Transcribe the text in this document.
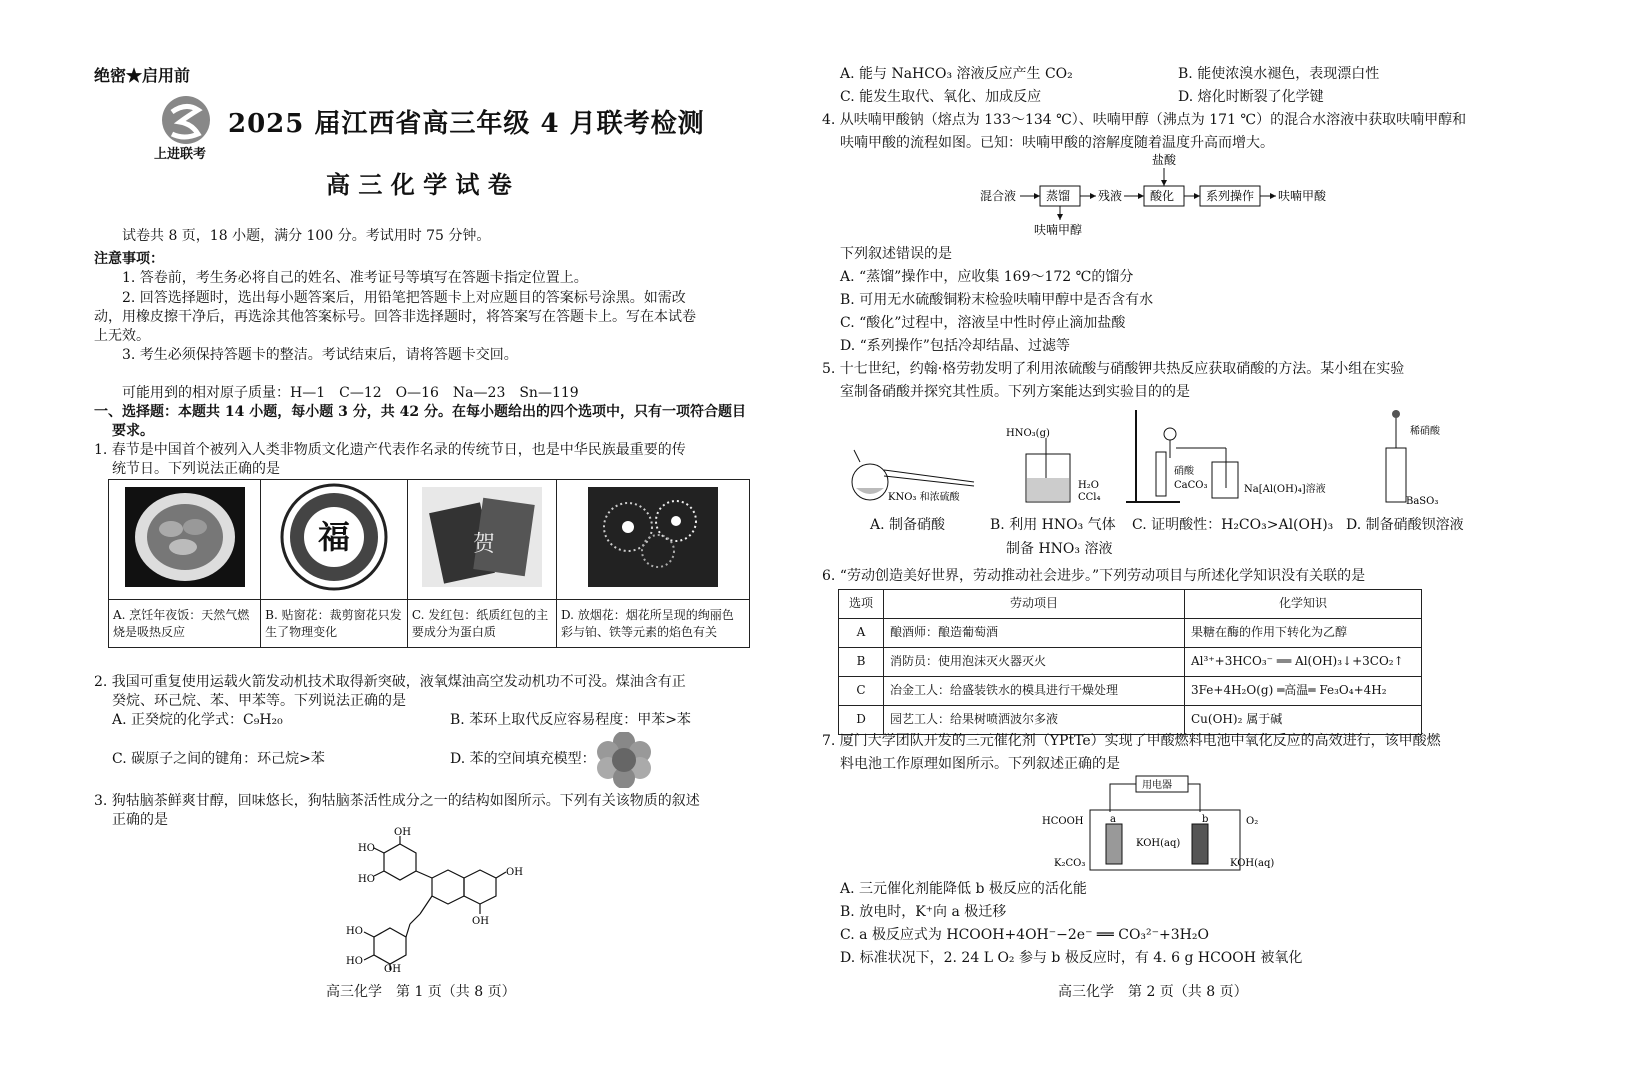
绝密★启用前
上进联考
2025 届江西省高三年级 4 月联考检测
高 三 化 学 试 卷
试卷共 8 页，18 小题，满分 100 分。考试用时 75 分钟。
注意事项：
1. 答卷前，考生务必将自己的姓名、准考证号等填写在答题卡指定位置上。
2. 回答选择题时，选出每小题答案后，用铅笔把答题卡上对应题目的答案标号涂黑。如需改
动，用橡皮擦干净后，再选涂其他答案标号。回答非选择题时，将答案写在答题卡上。写在本试卷
上无效。
3. 考生必须保持答题卡的整洁。考试结束后，请将答题卡交回。
可能用到的相对原子质量：H—1　C—12　O—16　Na—23　Sn—119
一、选择题：本题共 14 小题，每小题 3 分，共 42 分。在每小题给出的四个选项中，只有一项符合题目
要求。
1. 春节是中国首个被列入人类非物质文化遗产代表作名录的传统节日，也是中华民族最重要的传
统节日。下列说法正确的是

福	贺

A. 烹饪年夜饭：天然气燃烧是吸热反应	B. 贴窗花：裁剪窗花只发生了物理变化	C. 发红包：纸质红包的主要成分为蛋白质	D. 放烟花：烟花所呈现的绚丽色彩与铂、铁等元素的焰色有关
2. 我国可重复使用运载火箭发动机技术取得新突破，液氧煤油高空发动机功不可没。煤油含有正
癸烷、环己烷、苯、甲苯等。下列说法正确的是
A. 正癸烷的化学式：C₉H₂₀	B. 苯环上取代反应容易程度：甲苯>苯
C. 碳原子之间的键角：环己烷>苯	D. 苯的空间填充模型：
3. 狗牯脑茶鲜爽甘醇，回味悠长，狗牯脑茶活性成分之一的结构如图所示。下列有关该物质的叙述
正确的是
OH
HO
HO
OH
OH
HO
HO
OH
高三化学　第 1 页（共 8 页）
A. 能与 NaHCO₃ 溶液反应产生 CO₂	B. 能使浓溴水褪色，表现漂白性
C. 能发生取代、氧化、加成反应	D. 熔化时断裂了化学键
4. 从呋喃甲酸钠（熔点为 133～134 ℃）、呋喃甲醇（沸点为 171 ℃）的混合水溶液中获取呋喃甲醇和
呋喃甲酸的流程如图。已知：呋喃甲酸的溶解度随着温度升高而增大。
混合液 蒸馏 残液 酸化	系列操作 呋喃甲酸
盐酸
呋喃甲醇
下列叙述错误的是
A. “蒸馏”操作中，应收集 169～172 ℃的馏分
B. 可用无水硫酸铜粉末检验呋喃甲醇中是否含有水
C. “酸化”过程中，溶液呈中性时停止滴加盐酸
D. “系列操作”包括冷却结晶、过滤等
5. 十七世纪，约翰·格劳勃发明了利用浓硫酸与硝酸钾共热反应获取硝酸的方法。某小组在实验
室制备硝酸并探究其性质。下列方案能达到实验目的的是
KNO₃ 和浓硫酸
HNO₃(g)
H₂O
CCl₄
硝酸
CaCO₃	Na[Al(OH)₄]溶液
稀硝酸
BaSO₃
A. 制备硝酸	B. 利用 HNO₃ 气体
制备 HNO₃ 溶液
C. 证明酸性：H₂CO₃>Al(OH)₃ D. 制备硝酸钡溶液
6. “劳动创造美好世界，劳动推动社会进步。”下列劳动项目与所述化学知识没有关联的是
选项	劳动项目	化学知识
A	酿酒师：酿造葡萄酒	果糖在酶的作用下转化为乙醇
B	消防员：使用泡沫灭火器灭火	Al³⁺+3HCO₃⁻ ══ Al(OH)₃↓+3CO₂↑
C	冶金工人：给盛装铁水的模具进行干燥处理	3Fe+4H₂O(g) ═高温═ Fe₃O₄+4H₂
D	园艺工人：给果树喷洒波尔多液	Cu(OH)₂ 属于碱
7. 厦门大学团队开发的三元催化剂（YPtTe）实现了甲酸燃料电池中氧化反应的高效进行，该甲酸燃
料电池工作原理如图所示。下列叙述正确的是
用电器
HCOOH	a	b	O₂
KOH(aq)
K₂CO₃	KOH(aq)
A. 三元催化剂能降低 b 极反应的活化能
B. 放电时，K⁺向 a 极迁移
C. a 极反应式为 HCOOH+4OH⁻−2e⁻ ══ CO₃²⁻+3H₂O
D. 标准状况下，2. 24 L O₂ 参与 b 极反应时，有 4. 6 g HCOOH 被氧化
高三化学　第 2 页（共 8 页）
